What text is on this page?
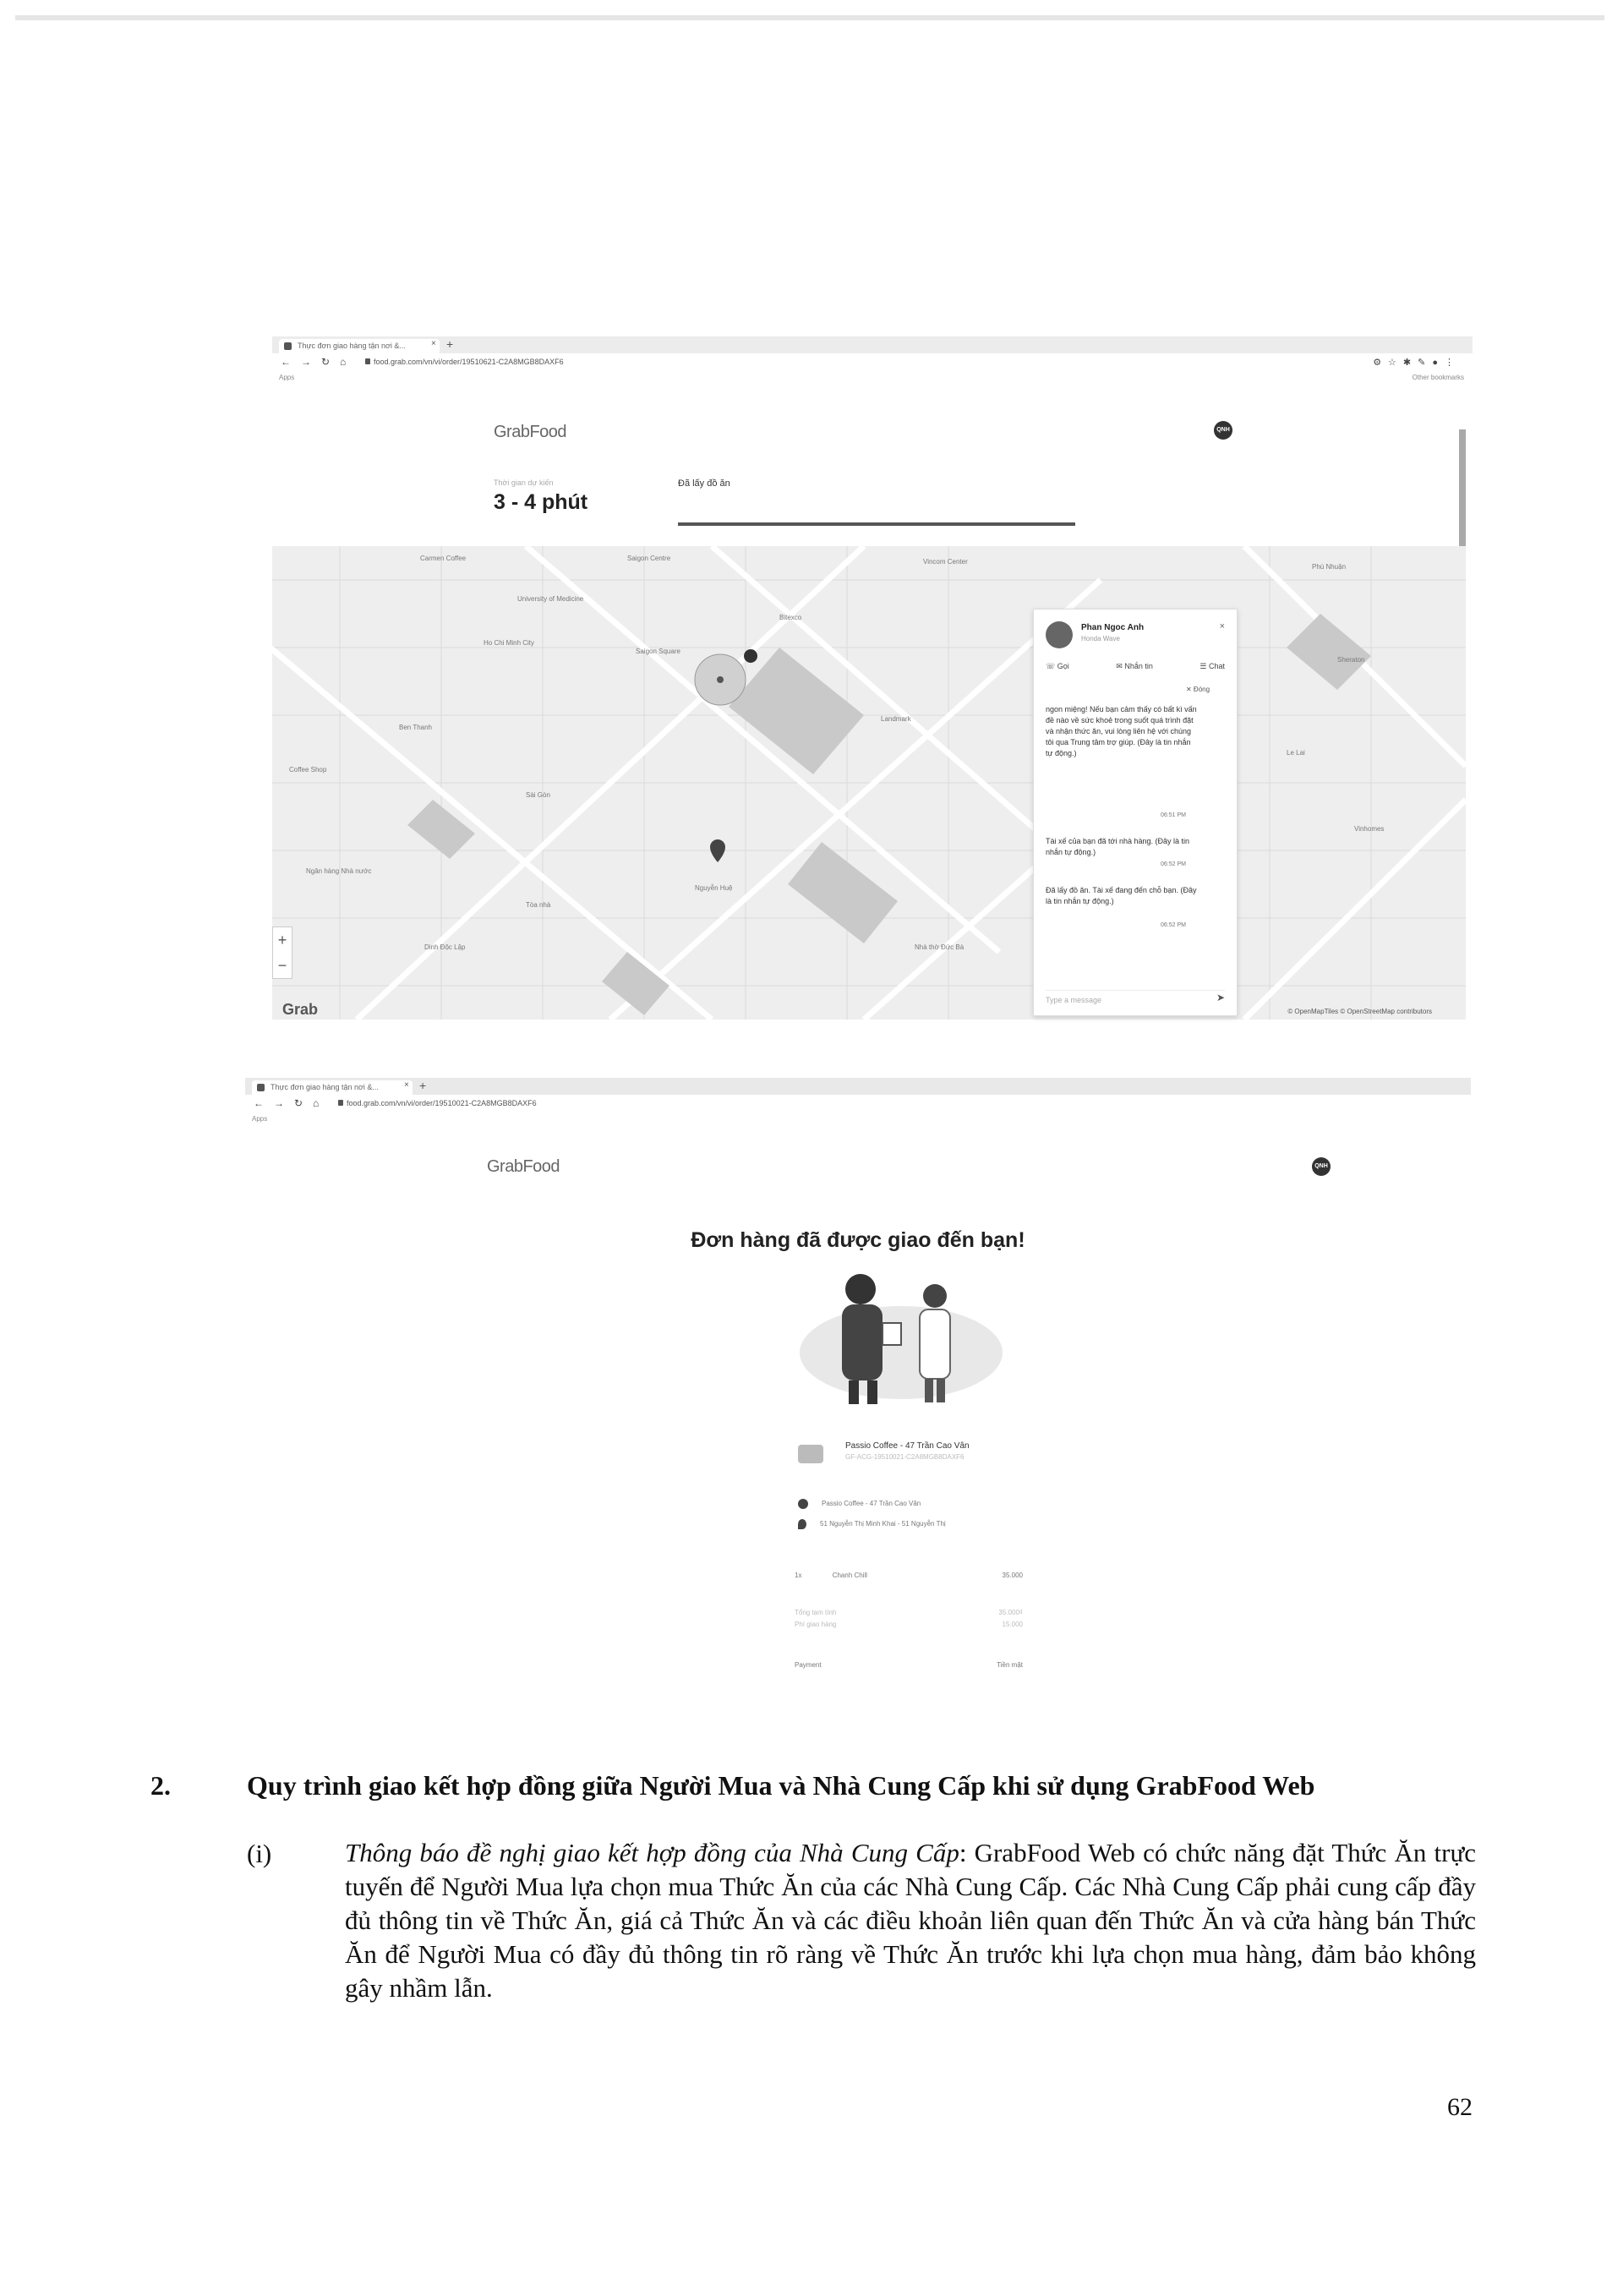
Thực đơn giao hàng tận nơi &...	× +
← → ↻ ⌂	food.grab.com/vn/vi/order/19510621-C2A8MGB8DAXF6	⚙☆✱✎●⋮
Apps	Other bookmarks
GrabFood	QNH
Thời gian dự kiến
3 - 4 phút
Đã lấy đồ ăn
Carmen Coffee	Saigon Centre	Vincom Center
University of Medicine
Ho Chi Minh City
Saigon Square
Bitexco
Ben Thanh
Landmark
Coffee Shop
Sài Gòn
Phú Nhuận
Sheraton
Le Lai
Vinhomes
Ngân hàng Nhà nước
Tòa nhà
Nguyễn Huệ
Dinh Độc Lập	Nhà thờ Đức Bà
+
−
Grab	© OpenMapTiles © OpenStreetMap contributors
Phan Ngoc Anh
Honda Wave
×
☏ Gọi	✉ Nhắn tin	☰ Chat
✕ Đóng
ngon miệng! Nếu bạn cảm thấy có bất kì vấn đề nào về sức khoẻ trong suốt quá trình đặt và nhận thức ăn, vui lòng liên hệ với chúng tôi qua Trung tâm trợ giúp. (Đây là tin nhắn tự động.)
06:51 PM
Tài xế của bạn đã tới nhà hàng. (Đây là tin nhắn tự động.)
06:52 PM
Đã lấy đồ ăn. Tài xế đang đến chỗ bạn. (Đây là tin nhắn tự động.)
06:52 PM
Type a message	➤
Thực đơn giao hàng tận nơi &...	× +
← → ↻ ⌂	food.grab.com/vn/vi/order/19510021-C2A8MGB8DAXF6
Apps
GrabFood	QNH
Đơn hàng đã được giao đến bạn!
Passio Coffee - 47 Trần Cao Vân
GF-ACG-19510021-C2A8MGB8DAXF6
Passio Coffee - 47 Trần Cao Vân
51 Nguyễn Thị Minh Khai - 51 Nguyễn Thị
1x	Chanh Chill	35.000
Tổng tạm tính	35.000₫
Phí giao hàng	15.000
Payment	Tiền mặt
2.	Quy trình giao kết hợp đồng giữa Người Mua và Nhà Cung Cấp khi sử dụng GrabFood Web
(i)	Thông báo đề nghị giao kết hợp đồng của Nhà Cung Cấp: GrabFood Web có chức năng đặt Thức Ăn trực tuyến để Người Mua lựa chọn mua Thức Ăn của các Nhà Cung Cấp. Các Nhà Cung Cấp phải cung cấp đầy đủ thông tin về Thức Ăn, giá cả Thức Ăn và các điều khoản liên quan đến Thức Ăn và cửa hàng bán Thức Ăn để Người Mua có đầy đủ thông tin rõ ràng về Thức Ăn trước khi lựa chọn mua hàng, đảm bảo không gây nhầm lẫn.
62
